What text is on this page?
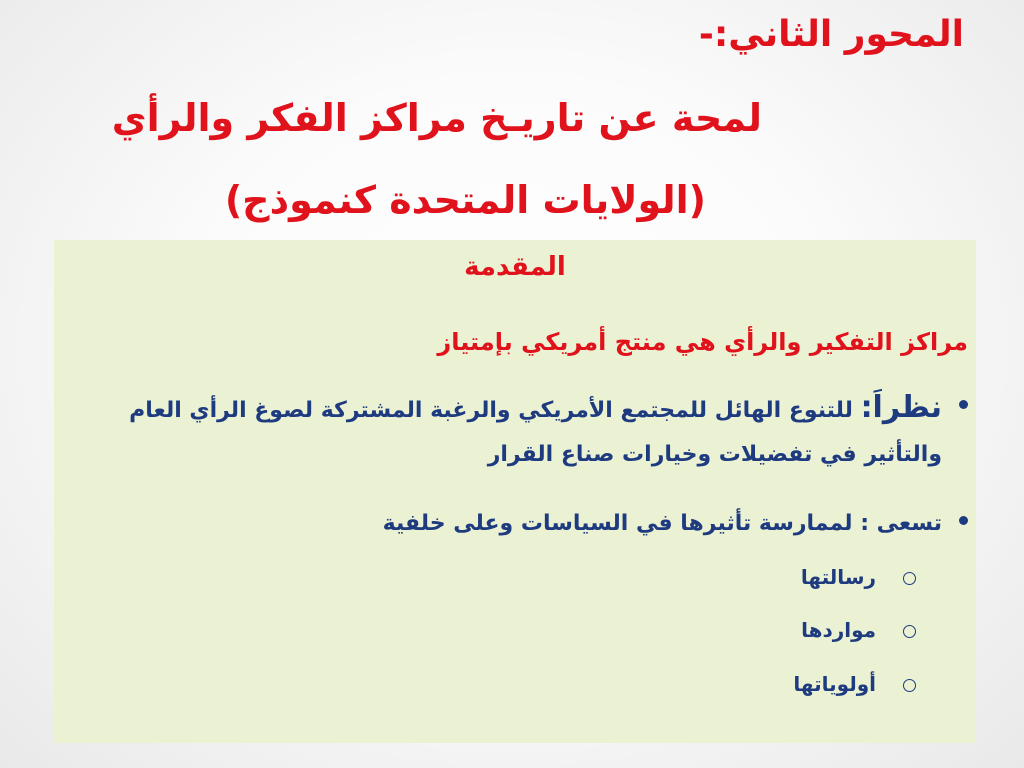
المحور الثاني:-
لمحة عن تاريـخ مراكز الفكر والرأي
(الولايات المتحدة كنموذج)
المقدمة
مراكز التفكير والرأي هي منتج أمريكي بإمتياز
نظراَ: للتنوع الهائل للمجتمع الأمريكي والرغبة المشتركة لصوغ الرأي العام والتأثير في تفضيلات وخيارات صناع القرار
تسعى : لممارسة تأثيرها في السياسات وعلى خلفية
رسالتها
مواردها
أولوياتها
